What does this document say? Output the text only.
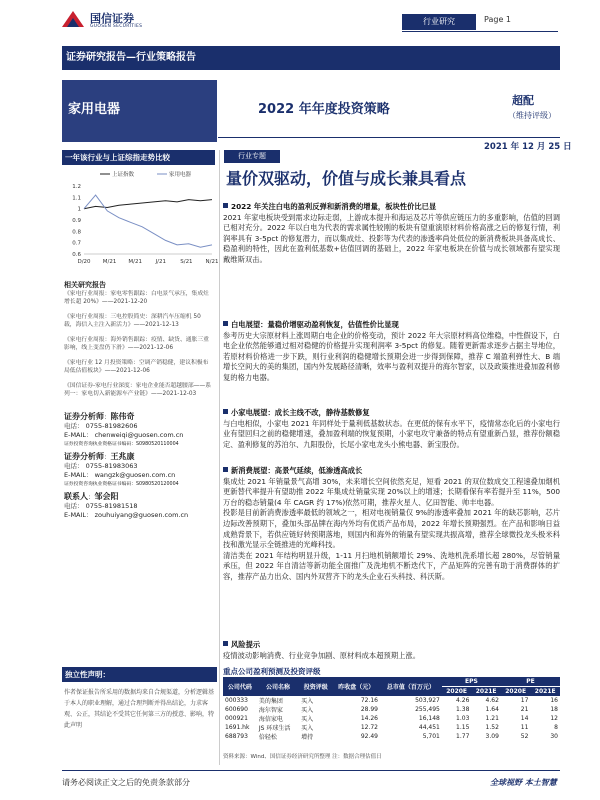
国信证券
GUOSEN SECURITIES
行业研究	Page 1
证券研究报告—行业策略报告
家用电器	2022 年年度投资策略
超配
（维持评级）
2021 年 12 月 25 日
一年该行业与上证综指走势比较
1.2
1.1
1
0.9
0.8
0.7
0.6
D/20 M/21 M/21 J/21	S/21 N/21
上证指数	家用电器
相关研究报告
《家电行业周报：家电零售跟踪：白电景气承压，集成灶增长超 20%》——2021-12-20
《家电行业周报：三电控股简史：深耕汽车压缩机 50 载，海信入主注入新活力》——2021-12-13
《家电行业周报：海外销售跟踪：疫情、缺货、通胀三重影响，线上变盘仍下滑》——2021-12-06
《家电行业 12 月投资策略：空调产销稳健，建议积极布局低估值板块》——2021-12-06
《国信证券-家电行业深度：家电企业能否超越腰部——系列一：家电切入新能源车产业链》——2021-12-03
证券分析师：陈伟奇
电话： 0755-81982606
E-MAIL： chenweiqi@guosen.com.cn
证券投资咨询执业资格证书编码：S0980520110004
证券分析师：王兆康
电话： 0755-81983063
E-MAIL： wangzk@guosen.com.cn
证券投资咨询执业资格证书编码：S0980520120004
联系人：邹会阳
电话： 0755-81981518
E-MAIL： zouhuiyang@guosen.com.cn
独立性声明：
作者保证报告所采用的数据均来自合规渠道，分析逻辑基于本人的职业理解，通过合理判断并得出结论，力求客观、公正，其结论不受其它任何第三方的授意、影响，特此声明
行业专题
量价双驱动，价值与成长兼具看点
2022 年关注白电的盈利反弹和新消费的增量，板块性价比已显
2021 年家电板块受到需求边际走弱，上游成本提升和海运及芯片等供应链压力的多重影响，估值的回调已相对充分。2022 年以白电为代表的需求属性较刚的板块有望重演原材料价格高涨之后的修复行情，利润率具有 3-5pct 的修复潜力，而以集成灶、投影等为代表的渗透率尚处低位的新消费板块具备高成长、稳盈利的特性，因此在盈利低基数+估值回调的基础上，2022 年家电板块在价值与成长领域都有望实现戴维斯双击。
白电展望：量稳价增驱动盈利恢复，估值性价比显现
参考历史大宗原材料上涨周期白电企业的价格变动，预计 2022 年大宗原材料高位维稳，中性假设下，白电企业依然能够通过相对稳健的价格提升实现利润率 3-5pct 的修复。随着更新需求逐步占据主导地位，若原材料价格进一步下跌，则行业利润的稳健增长预期会进一步得到保障，推荐 C 端盈利弹性大、B 端增长空间大的美的集团，国内外发展路径清晰，效率与盈利双提升的海尔智家，以及政策推进叠加盈利修复的格力电器。
小家电展望：成长主线不改，静待基数修复
与白电相似，小家电 2021 年同样处于量利低基数状态。在更低的保有水平下，疫情常态化后的小家电行业有望回归之前的稳健增速，叠加盈利端的恢复预期，小家电攻守兼备的特点有望重新凸显，推荐份额稳定、盈利修复的苏泊尔、九阳股份，长尾小家电龙头小熊电器、新宝股份。
新消费展望：高景气延续，低渗透高成长
集成灶 2021 年销量景气高增 30%，未来增长空间依然充足，短看 2021 的双位数成交工程速叠加烟机更新替代率提升有望助推 2022 年集成灶销量实现 20%以上的增速；长期看保有率若提升至 11%，500 万台的稳态销量(4 年 CAGR 约 17%)依然可期，推荐火星人、亿田智能、帅丰电器。
投影是目前新消费渗透率最低的领域之一，相对电视销量仅 9%的渗透率叠加 2021 年的缺芯影响，芯片边际改善预期下，叠加头部品牌在海内外均有优质产品布局，2022 年增长预期强烈。在产品和影响日益成熟背景下，若供应链好转预期落地，则国内和海外的销量有望实现共振高增，推荐全球微投龙头极米科技和激光显示全链推进的光峰科技。
清洁类在 2021 年结构明显升级，1-11 月扫地机销额增长 29%、洗地机洗系增长超 280%，尽管销量承压，但 2022 年自清洁等新功能全面推广及洗地机不断迭代下，产品矩阵的完善有助于消费群体的扩容，推荐产品力出众、国内外双营齐下的龙头企业石头科技、科沃斯。
风险提示
疫情波动影响消费、行业竞争加剧、原材料成本超预期上涨。
重点公司盈利预测及投资评级
公司代码	公司名称	投资评级	昨收盘（元）	总市值（百万元）	EPS		PE	
					2020E	2021E	2020E	2021E
000333	美的集团	买入	72.16	503,927	4.26	4.62	17	16
600690	海尔智家	买入	28.99	255,495	1.38	1.64	21	18
000921	海信家电	买入	14.26	16,148	1.03	1.21	14	12
1691.hk	JS 环球生活	买入	12.72	44,451	1.15	1.52	11	8
688793	倍轻松	增持	92.49	5,701	1.77	3.09	52	30
资料来源：Wind、国信证券经济研究所整理 注：数据合理估值日
请务必阅读正文之后的免责条款部分	全球视野 本土智慧
